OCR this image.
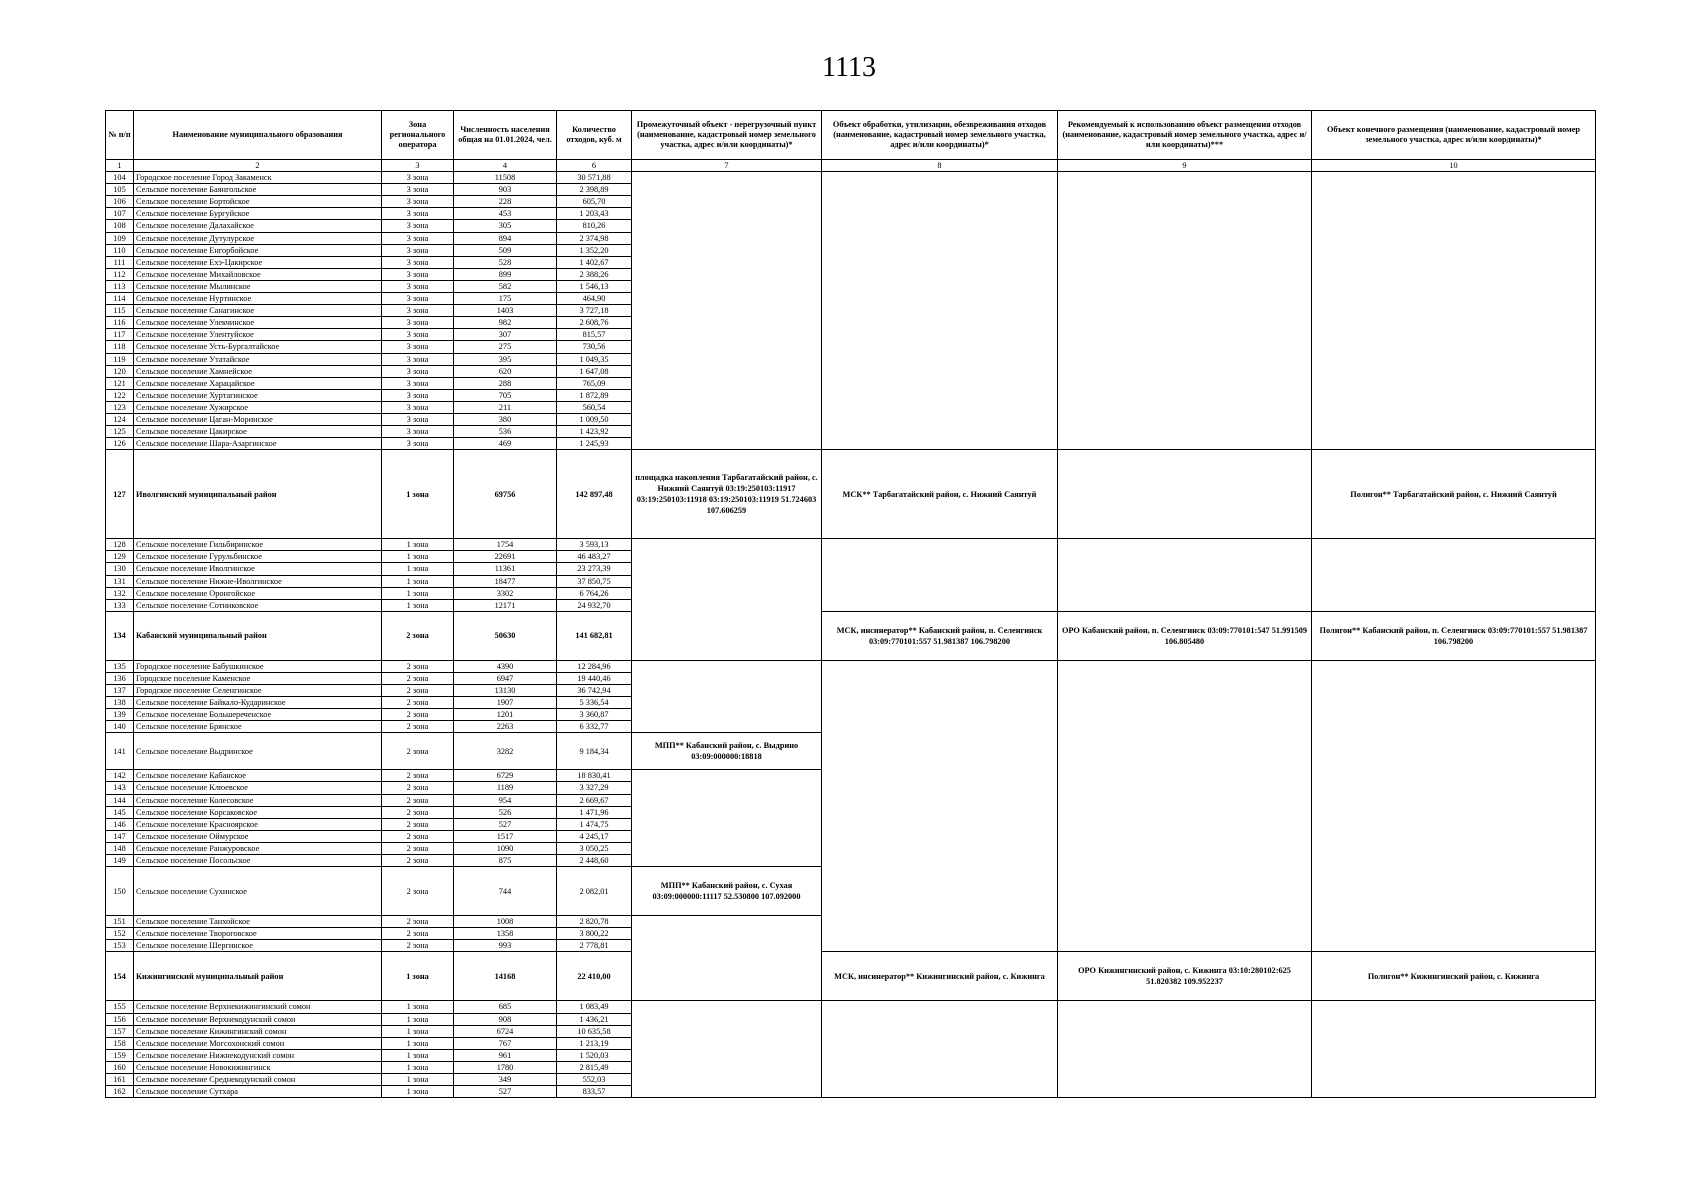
1113
№ п/п	Наименование муниципального образования	Зона регионального оператора	Численность населения общая на 01.01.2024, чел.	Количество отходов, куб. м	Промежуточный объект - перегрузочный пункт (наименование, кадастровый номер земельного участка, адрес и/или координаты)*	Объект обработки, утилизации, обезвреживания отходов (наименование, кадастровый номер земельного участка, адрес и/или координаты)*	Рекомендуемый к использованию объект размещения отходов (наименование, кадастровый номер земельного участка, адрес и/или координаты)***	Объект конечного размещения (наименование, кадастровый номер земельного участка, адрес и/или координаты)*
1	2	3	4	6	7	8	9	10
104	Городское поселение Город Закаменск	3 зона	11508	30 571,88				
105	Сельское поселение Баянгольское	3 зона	903	2 398,89				
106	Сельское поселение Бортойское	3 зона	228	605,70				
107	Сельское поселение Бургуйское	3 зона	453	1 203,43				
108	Сельское поселение Далахайское	3 зона	305	810,26				
109	Сельское поселение Дутулурское	3 зона	894	2 374,98				
110	Сельское поселение Енгорбойское	3 зона	509	1 352,20				
111	Сельское поселение Ехэ-Цакирское	3 зона	528	1 402,67				
112	Сельское поселение Михайловское	3 зона	899	2 388,26				
113	Сельское поселение Мылинское	3 зона	582	1 546,13				
114	Сельское поселение Нуртинское	3 зона	175	464,90				
115	Сельское поселение Санагинское	3 зона	1403	3 727,18				
116	Сельское поселение Улекчинское	3 зона	982	2 608,76				
117	Сельское поселение Улентуйское	3 зона	307	815,57				
118	Сельское поселение Усть-Бургалтайское	3 зона	275	730,56				
119	Сельское поселение Утатайское	3 зона	395	1 049,35				
120	Сельское поселение Хамнейское	3 зона	620	1 647,08				
121	Сельское поселение Харацайское	3 зона	288	765,09				
122	Сельское поселение Хуртагинское	3 зона	705	1 872,89				
123	Сельское поселение Хужирское	3 зона	211	560,54				
124	Сельское поселение Цаган-Моринское	3 зона	380	1 009,50				
125	Сельское поселение Цакирское	3 зона	536	1 423,92				
126	Сельское поселение Шара-Азаргинское	3 зона	469	1 245,93				
127	Иволгинский муниципальный район	1 зона	69756	142 897,48	площадка накопления Тарбагатайский район, с. Нижний Саянтуй 03:19:250103:11917 03:19:250103:11918 03:19:250103:11919 51.724603 107.606259	МСК** Тарбагатайский район, с. Нижний Саянтуй		Полигон** Тарбагатайский район, с. Нижний Саянтуй
128	Сельское поселение Гильбиринское	1 зона	1754	3 593,13				
129	Сельское поселение Гурульбинское	1 зона	22691	46 483,27				
130	Сельское поселение Иволгинское	1 зона	11361	23 273,39				
131	Сельское поселение Нижне-Иволгинское	1 зона	18477	37 850,75				
132	Сельское поселение Оронгойское	1 зона	3302	6 764,26				
133	Сельское поселение Сотниковское	1 зона	12171	24 932,70				
134	Кабанский муниципальный район	2 зона	50630	141 682,81		МСК, инсинератор** Кабанский район, п. Селенгинск 03:09:770101:557 51.981387 106.798200	ОРО Кабанский район, п. Селенгинск 03:09:770101:547 51.991509 106.805480	Полигон** Кабанский район, п. Селенгинск 03:09:770101:557 51.981387 106.798200
135	Городское поселение Бабушкинское	2 зона	4390	12 284,96				
136	Городское поселение Каменское	2 зона	6947	19 440,46				
137	Городское поселение Селенгинское	2 зона	13130	36 742,94				
138	Сельское поселение Байкало-Кударинское	2 зона	1907	5 336,54				
139	Сельское поселение Большереченское	2 зона	1201	3 360,87				
140	Сельское поселение Брянское	2 зона	2263	6 332,77				
141	Сельское поселение Выдринское	2 зона	3282	9 184,34	МПП** Кабанский район, с. Выдрино 03:09:000000:18818			
142	Сельское поселение Кабанское	2 зона	6729	18 830,41				
143	Сельское поселение Клюевское	2 зона	1189	3 327,29				
144	Сельское поселение Колесовское	2 зона	954	2 669,67				
145	Сельское поселение Корсаковское	2 зона	526	1 471,96				
146	Сельское поселение Красноярское	2 зона	527	1 474,75				
147	Сельское поселение Оймурское	2 зона	1517	4 245,17				
148	Сельское поселение Ранжуровское	2 зона	1090	3 050,25				
149	Сельское поселение Посольское	2 зона	875	2 448,60				
150	Сельское поселение Сухинское	2 зона	744	2 082,01	МПП** Кабанский район, с. Сухая 03:09:000000:11117 52.530800 107.092000			
151	Сельское поселение Танхойское	2 зона	1008	2 820,78				
152	Сельское поселение Твороговское	2 зона	1358	3 800,22				
153	Сельское поселение Шергинское	2 зона	993	2 778,81				
154	Кижингинский муниципальный район	1 зона	14168	22 410,00		МСК, инсинератор** Кижингинский район, с. Кижинга	ОРО Кижингинский район, с. Кижинга 03:10:280102:625 51.820382 109.952237	Полигон** Кижингинский район, с. Кижинга
155	Сельское поселение Верхнекижингинский сомон	1 зона	685	1 083,49				
156	Сельское поселение Верхнекодунский сомон	1 зона	908	1 436,21				
157	Сельское поселение Кижингинский сомон	1 зона	6724	10 635,58				
158	Сельское поселение Могсохонский сомон	1 зона	767	1 213,19				
159	Сельское поселение Нижнекодунский сомон	1 зона	961	1 520,03				
160	Сельское поселение Новокижингинск	1 зона	1780	2 815,49				
161	Сельское поселение Среднекодунский сомон	1 зона	349	552,03				
162	Сельское поселение Сутхара	1 зона	527	833,57				
